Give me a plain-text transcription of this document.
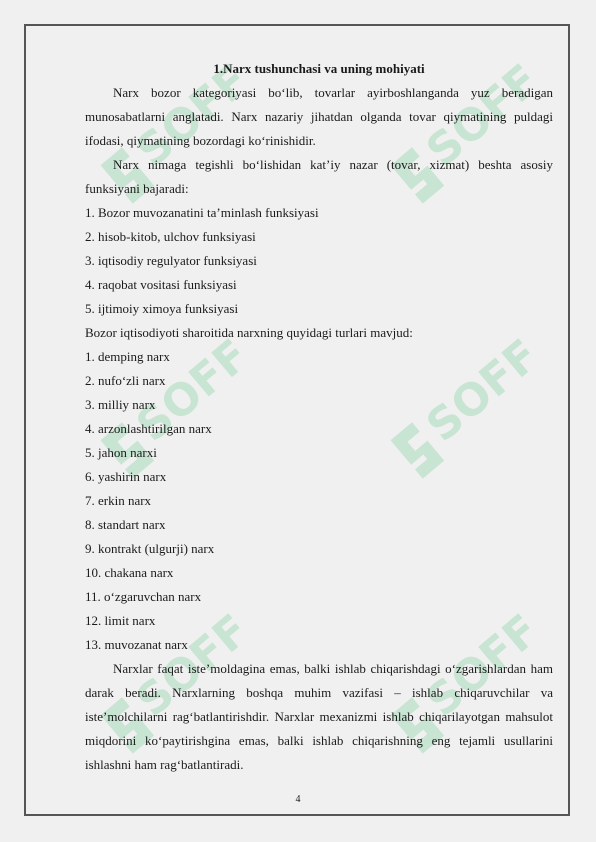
SOFF	SOFF
SOFF	SOFF
SOFF	SOFF

1.Narx tushunchasi va uning mohiyati

Narx bozor kategoriyasi bo‘lib, tovarlar ayirboshlanganda yuz beradigan munosabatlarni anglatadi. Narx nazariy jihatdan olganda tovar qiymatining puldagi ifodasi, qiymatining bozordagi ko‘rinishidir.

Narx nimaga tegishli bo‘lishidan kat’iy nazar (tovar, xizmat) beshta asosiy funksiyani bajaradi:

1. Bozor muvozanatini ta’minlash funksiyasi

2. hisob-kitob, ulchov funksiyasi

3. iqtisodiy regulyator funksiyasi

4. raqobat vositasi funksiyasi

5. ijtimoiy ximoya funksiyasi

Bozor iqtisodiyoti sharoitida narxning quyidagi turlari mavjud:

1. demping narx

2. nufo‘zli narx

3. milliy narx

4. arzonlashtirilgan narx

5. jahon narxi

6. yashirin narx

7. erkin narx

8. standart narx

9. kontrakt (ulgurji) narx

10. chakana narx

11. o‘zgaruvchan narx

12. limit narx

13. muvozanat narx

Narxlar faqat iste’moldagina emas, balki ishlab chiqarishdagi o‘zgarishlardan ham darak beradi. Narxlarning boshqa muhim vazifasi – ishlab chiqaruvchilar va iste’molchilarni rag‘batlantirishdir. Narxlar mexanizmi ishlab chiqarilayotgan mahsulot miqdorini ko‘paytirishgina emas, balki ishlab chiqarishning eng tejamli usullarini ishlashni ham rag‘batlantiradi.

4
